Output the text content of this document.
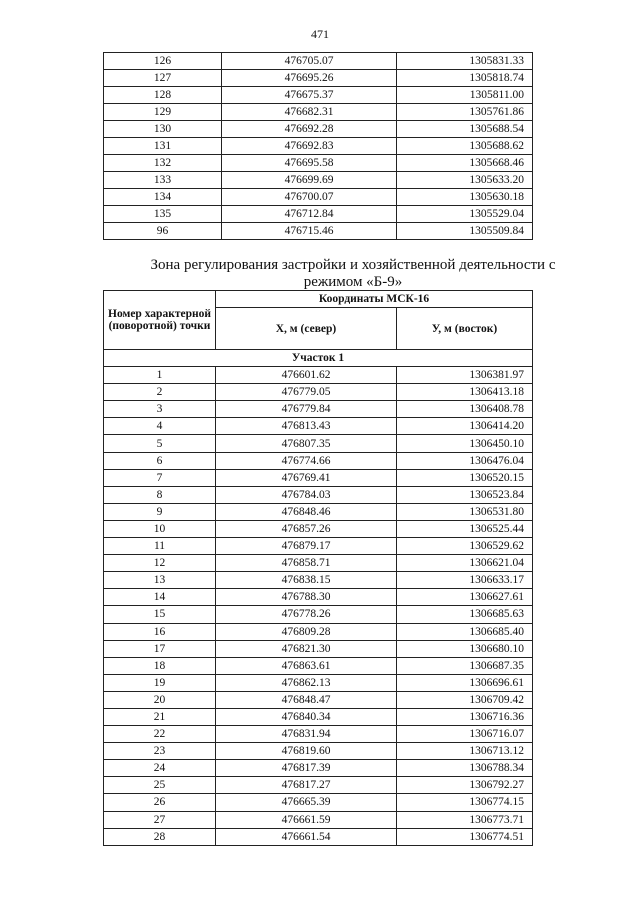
471
126	476705.07	1305831.33
127	476695.26	1305818.74
128	476675.37	1305811.00
129	476682.31	1305761.86
130	476692.28	1305688.54
131	476692.83	1305688.62
132	476695.58	1305668.46
133	476699.69	1305633.20
134	476700.07	1305630.18
135	476712.84	1305529.04
96	476715.46	1305509.84
Зона регулирования застройки и хозяйственной деятельности с
режимом «Б-9»
Номер характерной (поворотной) точки	Координаты МСК-16	
	Х, м (север)	У, м (восток)
Участок 1		
1	476601.62	1306381.97
2	476779.05	1306413.18
3	476779.84	1306408.78
4	476813.43	1306414.20
5	476807.35	1306450.10
6	476774.66	1306476.04
7	476769.41	1306520.15
8	476784.03	1306523.84
9	476848.46	1306531.80
10	476857.26	1306525.44
11	476879.17	1306529.62
12	476858.71	1306621.04
13	476838.15	1306633.17
14	476788.30	1306627.61
15	476778.26	1306685.63
16	476809.28	1306685.40
17	476821.30	1306680.10
18	476863.61	1306687.35
19	476862.13	1306696.61
20	476848.47	1306709.42
21	476840.34	1306716.36
22	476831.94	1306716.07
23	476819.60	1306713.12
24	476817.39	1306788.34
25	476817.27	1306792.27
26	476665.39	1306774.15
27	476661.59	1306773.71
28	476661.54	1306774.51
